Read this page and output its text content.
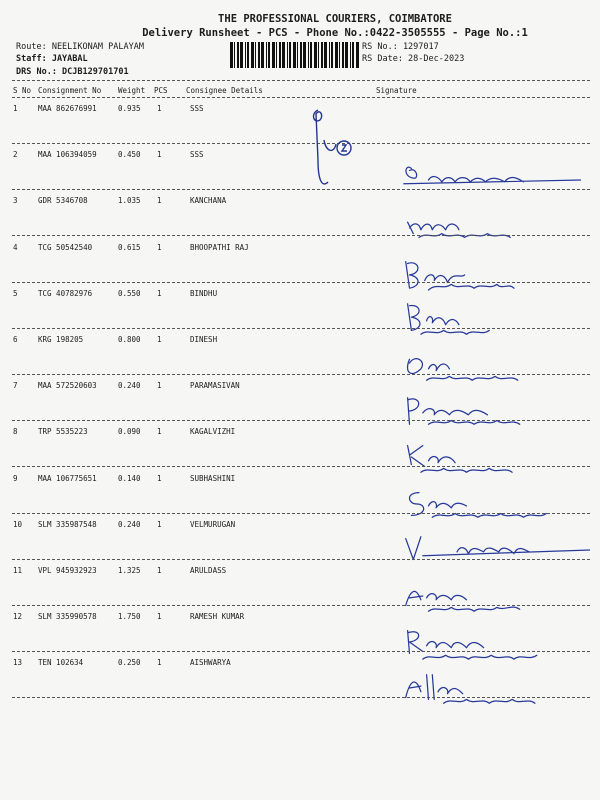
THE PROFESSIONAL COURIERS, COIMBATORE
Delivery Runsheet - PCS - Phone No.:0422-3505555 - Page No.:1
Route: NEELIKONAM PALAYAM
Staff: JAYABAL
DRS No.: DCJB129701701
RS No.: 1297017
RS Date: 28-Dec-2023
S No Consignment No Weight PCS Consignee Details	Signature
1	MAA 862676991	0.935 1	SSS
2	MAA 106394059	0.450 1	SSS
3	GDR 5346708	1.035 1	KANCHANA
4	TCG 50542540	0.615 1	BHOOPATHI RAJ
5	TCG 40782976	0.550 1	BINDHU
6	KRG 198205	0.800 1	DINESH
7	MAA 572520603	0.240 1	PARAMASIVAN
8	TRP 5535223	0.090 1	KAGALVIZHI
9	MAA 106775651	0.140 1	SUBHASHINI
10 SLM 335987548	0.240 1	VELMURUGAN
11 VPL 945932923	1.325 1	ARULDASS
12 SLM 335990578	1.750 1	RAMESH KUMAR
13 TEN 102634	0.250 1	AISHWARYA
